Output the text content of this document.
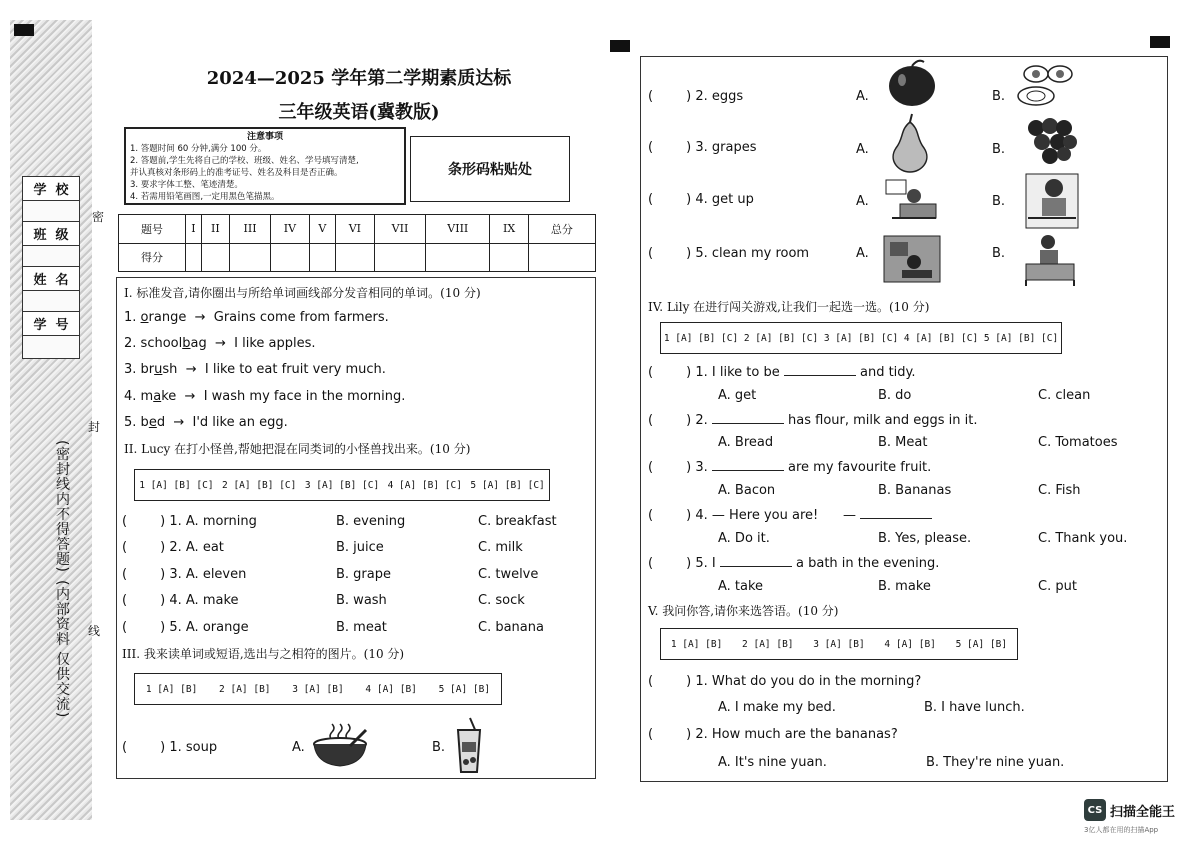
学 校
班 级
姓 名
学 号
(密封线内不得答题)
(内部资料 仅供交流)
密
封
线
2024—2025 学年第二学期素质达标
三年级英语(冀教版)
注意事项
1. 答题时间 60 分钟,满分 100 分。
2. 答题前,学生先将自己的学校、班级、姓名、学号填写清楚,
并认真核对条形码上的准考证号、姓名及科目是否正确。
3. 要求字体工整、笔迹清楚。
4. 若需用铅笔画图,一定用黑色笔描黑。
条形码粘贴处
题号	I	II	III	IV	V	VI	VII	VIII	IX	总分
得分										
I. 标准发音,请你圈出与所给单词画线部分发音相同的单词。(10 分)
1. orange → Grains come from farmers.
2. schoolbag → I like apples.
3. brush → I like to eat fruit very much.
4. make → I wash my face in the morning.
5. bed → I'd like an egg.
II. Lucy 在打小怪兽,帮她把混在同类词的小怪兽找出来。(10 分)
1 [A] [B] [C] 2 [A] [B] [C] 3 [A] [B] [C] 4 [A] [B] [C] 5 [A] [B] [C]
(        ) 1. A. morning	B. evening	C. breakfast
(        ) 2. A. eat	B. juice	C. milk
(        ) 3. A. eleven	B. grape	C. twelve
(        ) 4. A. make	B. wash	C. sock
(        ) 5. A. orange	B. meat	C. banana
III. 我来读单词或短语,选出与之相符的图片。(10 分)
1 [A] [B] 2 [A] [B] 3 [A] [B] 4 [A] [B] 5 [A] [B]
(        ) 1. soup	A.	B.
(        ) 2. eggs	A.	B.
(        ) 3. grapes	A.	B.
(        ) 4. get up	A.	B.
(        ) 5. clean my room	A.	B.
IV. Lily 在进行闯关游戏,让我们一起选一选。(10 分)
1 [A] [B] [C] 2 [A] [B] [C] 3 [A] [B] [C] 4 [A] [B] [C] 5 [A] [B] [C]
(        ) 1. I like to be	and tidy.
A. get	B. do	C. clean
(        ) 2.	has flour, milk and eggs in it.
A. Bread	B. Meat	C. Tomatoes
(        ) 3.	are my favourite fruit.
A. Bacon	B. Bananas	C. Fish
(        ) 4. — Here you are!      —
A. Do it.	B. Yes, please.	C. Thank you.
(        ) 5. I	a bath in the evening.
A. take	B. make	C. put
V. 我问你答,请你来选答语。(10 分)
1 [A] [B] 2 [A] [B] 3 [A] [B] 4 [A] [B] 5 [A] [B]
(        ) 1. What do you do in the morning?
A. I make my bed.	B. I have lunch.
(        ) 2. How much are the bananas?
A. It's nine yuan.	B. They're nine yuan.
CS 扫描全能王
3亿人都在用的扫描App
